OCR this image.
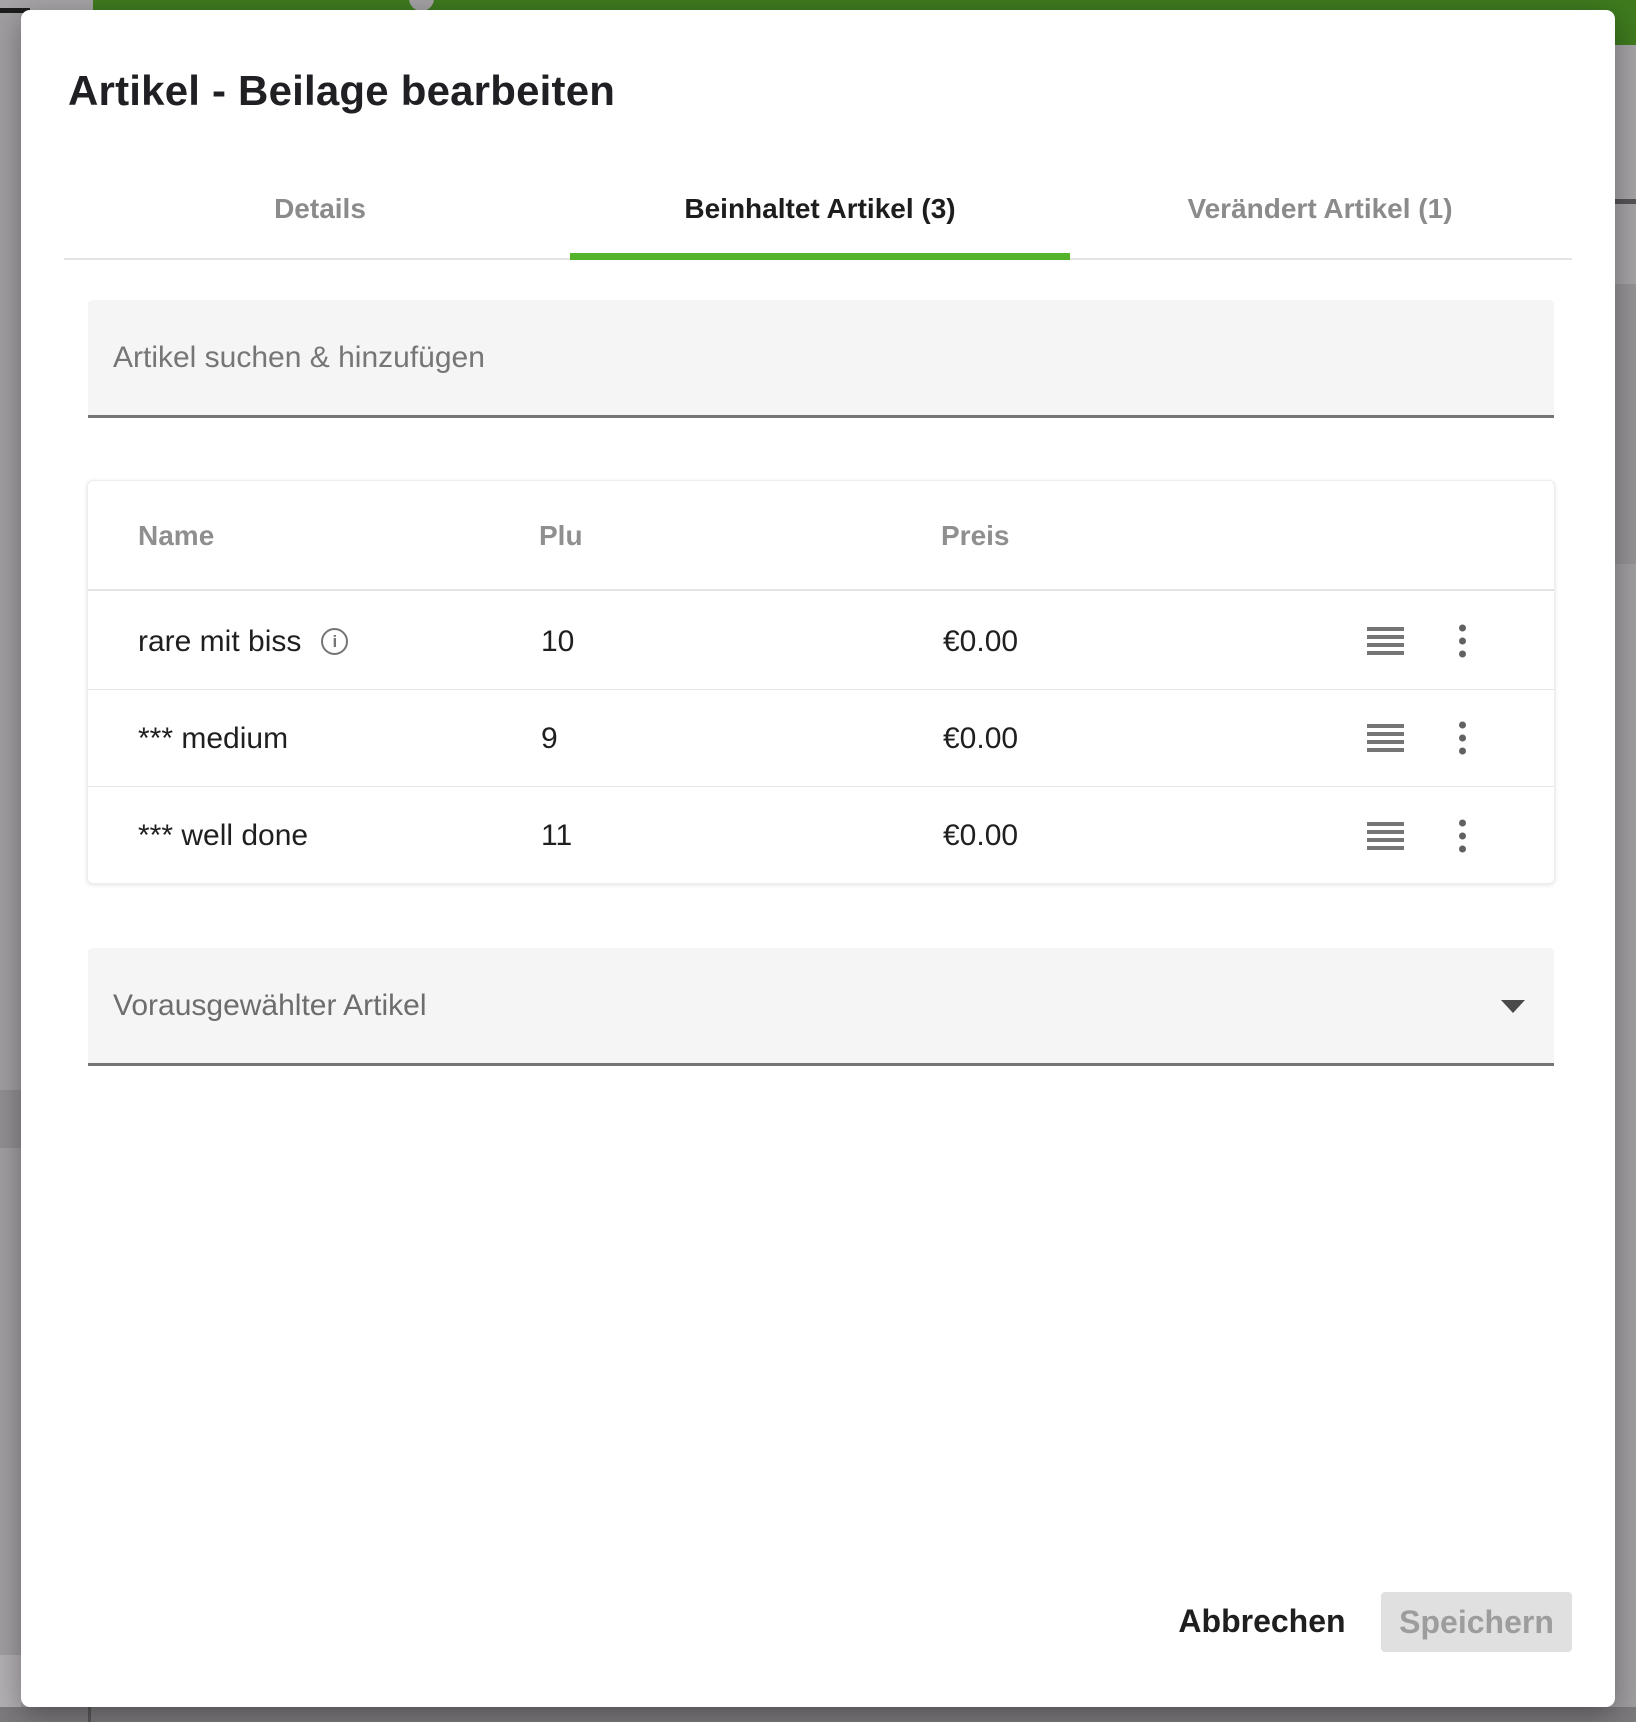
Artikel - Beilage bearbeiten
Details	Beinhaltet Artikel (3)	Verändert Artikel (1)
Artikel suchen & hinzufügen
Name	Plu	Preis
rare mit biss	i	10	€0.00
*** medium	9	€0.00
*** well done	11	€0.00
Vorausgewählter Artikel
Abbrechen	Speichern
